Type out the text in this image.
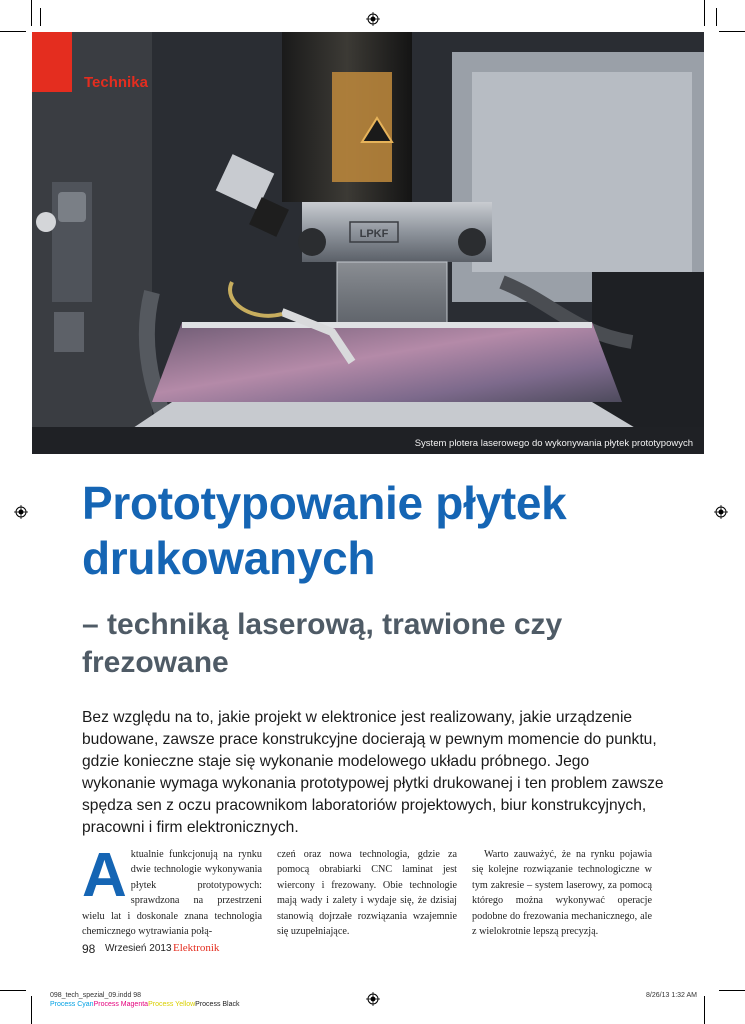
LPKF
Technika
System plotera laserowego do wykonywania płytek prototypowych
Prototypowanie płytek drukowanych
– techniką laserową, trawione czy frezowane

Bez względu na to, jakie projekt w elektronice jest realizowany, jakie urządzenie budowane, zawsze prace konstrukcyjne docierają w pewnym momencie do punktu, gdzie konieczne staje się wykonanie modelowego układu próbnego. Jego wykonanie wymaga wykonania prototypowej płytki drukowanej i ten problem zawsze spędza sen z oczu pracownikom laboratoriów projektowych, biur konstrukcyjnych, pracowni i firm elektronicznych.

Aktualnie funkcjonują na rynku dwie technologie wykonywania płytek prototypowych: sprawdzona na przestrzeni wielu lat i doskonale znana technologia chemicznego wytrawiania połą-

czeń oraz nowa technologia, gdzie za pomocą obrabiarki CNC laminat jest wiercony i frezowany. Obie technologie mają wady i zalety i wydaje się, że dzisiaj stanowią dojrzałe rozwiązania wzajemnie się uzupełniające.

Warto zauważyć, że na rynku pojawia się kolejne rozwiązanie technologiczne w tym zakresie – system laserowy, za pomocą którego można wykonywać operacje podobne do frezowania mechanicznego, ale z wielokrotnie lepszą precyzją.

98 Wrzesień 2013 Elektronik
098_tech_spezial_09.indd 98	8/26/13 1:32 AM
Process CyanProcess MagentaProcess YellowProcess Black
